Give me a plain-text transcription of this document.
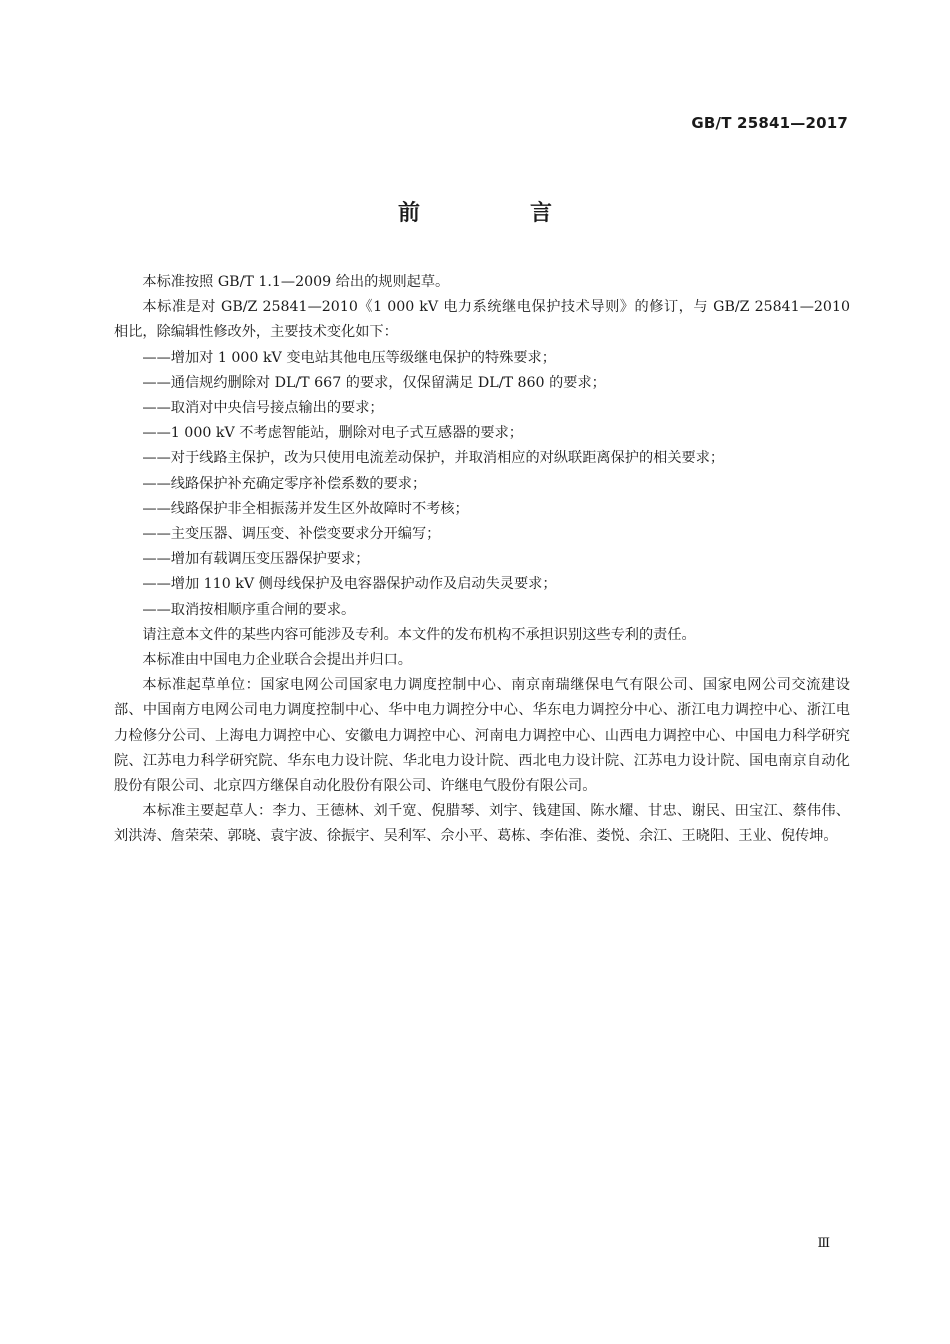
GB/T 25841—2017
前　言

本标准按照 GB/T 1.1—2009 给出的规则起草。

本标准是对 GB/Z 25841—2010《1 000 kV 电力系统继电保护技术导则》的修订，与 GB/Z 25841—2010 相比，除编辑性修改外，主要技术变化如下：

——增加对 1 000 kV 变电站其他电压等级继电保护的特殊要求；

——通信规约删除对 DL/T 667 的要求，仅保留满足 DL/T 860 的要求；

——取消对中央信号接点输出的要求；

——1 000 kV 不考虑智能站，删除对电子式互感器的要求；

——对于线路主保护，改为只使用电流差动保护，并取消相应的对纵联距离保护的相关要求；

——线路保护补充确定零序补偿系数的要求；

——线路保护非全相振荡并发生区外故障时不考核；

——主变压器、调压变、补偿变要求分开编写；

——增加有载调压变压器保护要求；

——增加 110 kV 侧母线保护及电容器保护动作及启动失灵要求；

——取消按相顺序重合闸的要求。

请注意本文件的某些内容可能涉及专利。本文件的发布机构不承担识别这些专利的责任。

本标准由中国电力企业联合会提出并归口。

本标准起草单位：国家电网公司国家电力调度控制中心、南京南瑞继保电气有限公司、国家电网公司交流建设部、中国南方电网公司电力调度控制中心、华中电力调控分中心、华东电力调控分中心、浙江电力调控中心、浙江电力检修分公司、上海电力调控中心、安徽电力调控中心、河南电力调控中心、山西电力调控中心、中国电力科学研究院、江苏电力科学研究院、华东电力设计院、华北电力设计院、西北电力设计院、江苏电力设计院、国电南京自动化股份有限公司、北京四方继保自动化股份有限公司、许继电气股份有限公司。

本标准主要起草人：李力、王德林、刘千宽、倪腊琴、刘宇、钱建国、陈水耀、甘忠、谢民、田宝江、蔡伟伟、刘洪涛、詹荣荣、郭晓、袁宇波、徐振宇、吴利军、佘小平、葛栋、李佑淮、娄悦、余江、王晓阳、王业、倪传坤。

Ⅲ
